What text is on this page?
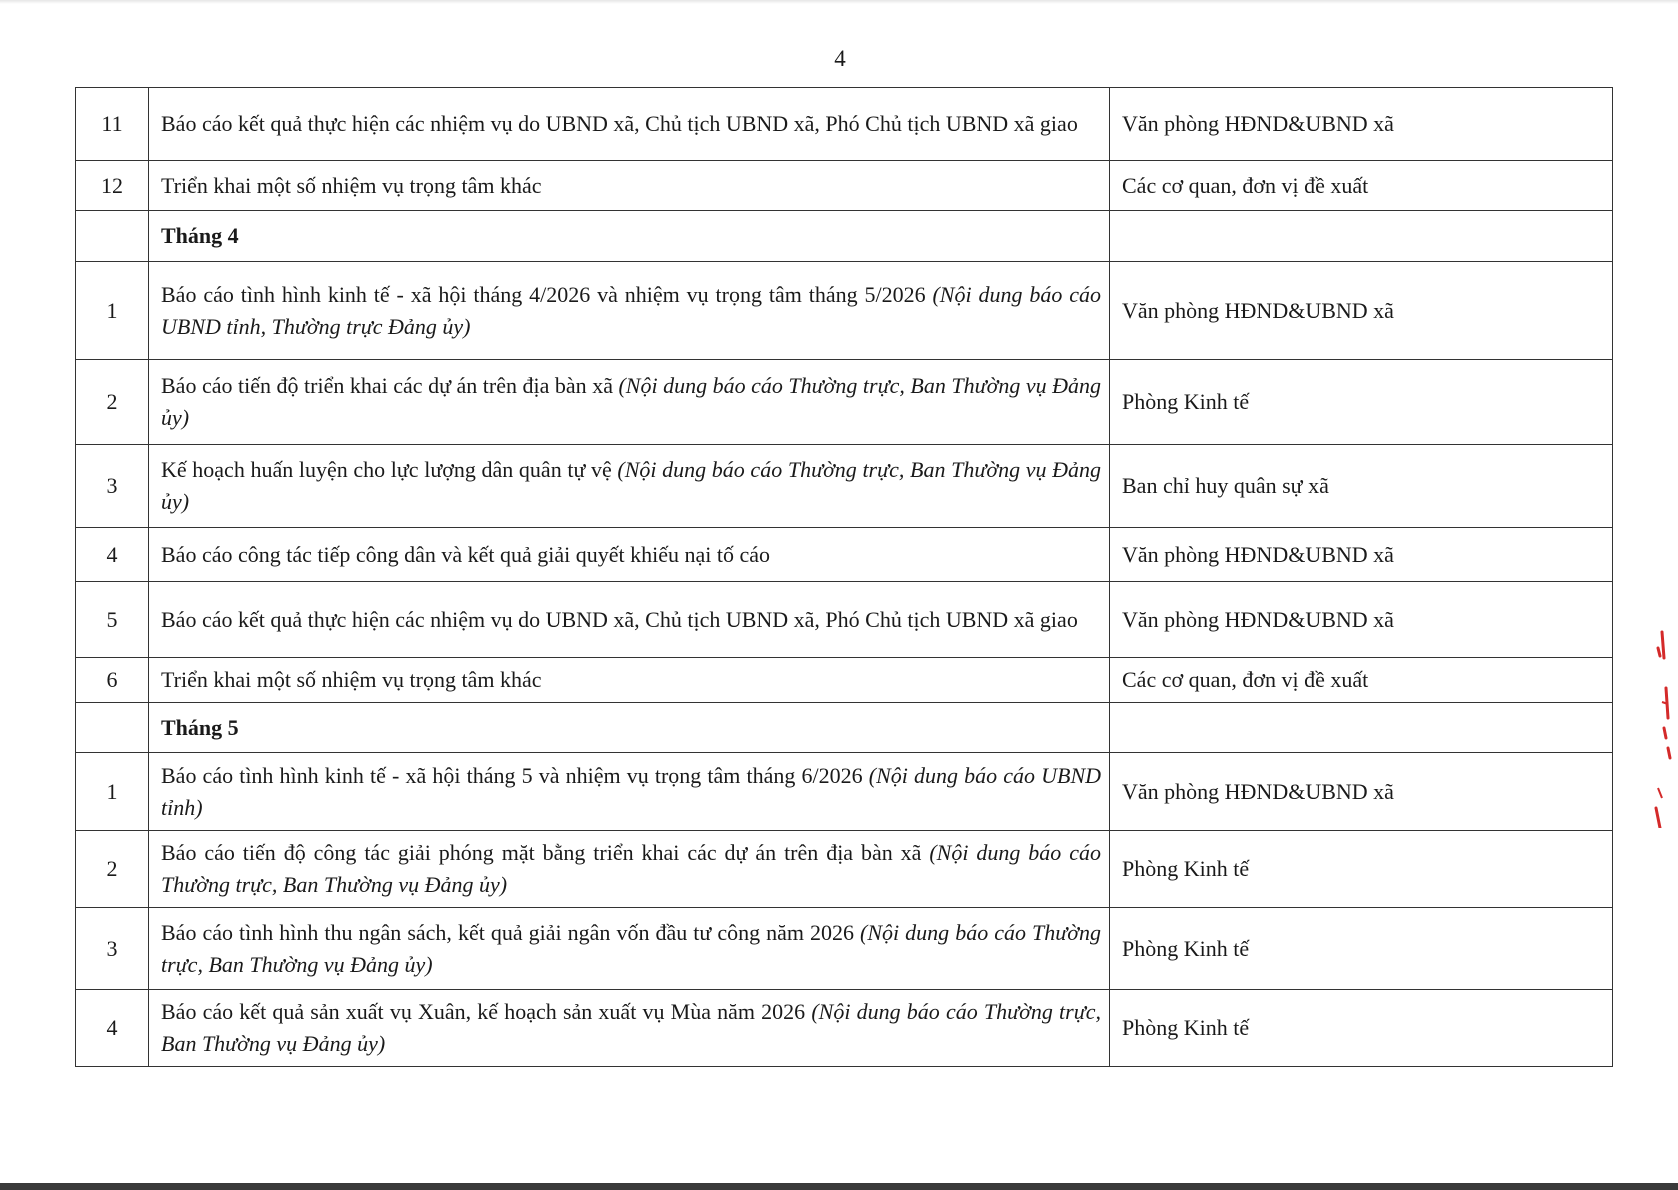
4
11	Báo cáo kết quả thực hiện các nhiệm vụ do UBND xã, Chủ tịch UBND xã, Phó Chủ tịch UBND xã giao	Văn phòng HĐND&UBND xã
12	Triển khai một số nhiệm vụ trọng tâm khác	Các cơ quan, đơn vị đề xuất
	Tháng 4	
1	Báo cáo tình hình kinh tế - xã hội tháng 4/2026 và nhiệm vụ trọng tâm tháng 5/2026 (Nội dung báo cáo UBND tỉnh, Thường trực Đảng ủy)	Văn phòng HĐND&UBND xã
2	Báo cáo tiến độ triển khai các dự án trên địa bàn xã (Nội dung báo cáo Thường trực, Ban Thường vụ Đảng ủy)	Phòng Kinh tế
3	Kế hoạch huấn luyện cho lực lượng dân quân tự vệ (Nội dung báo cáo Thường trực, Ban Thường vụ Đảng ủy)	Ban chỉ huy quân sự xã
4	Báo cáo công tác tiếp công dân và kết quả giải quyết khiếu nại tố cáo	Văn phòng HĐND&UBND xã
5	Báo cáo kết quả thực hiện các nhiệm vụ do UBND xã, Chủ tịch UBND xã, Phó Chủ tịch UBND xã giao	Văn phòng HĐND&UBND xã
6	Triển khai một số nhiệm vụ trọng tâm khác	Các cơ quan, đơn vị đề xuất
	Tháng 5	
1	Báo cáo tình hình kinh tế - xã hội tháng 5 và nhiệm vụ trọng tâm tháng 6/2026 (Nội dung báo cáo UBND tỉnh)	Văn phòng HĐND&UBND xã
2	Báo cáo tiến độ công tác giải phóng mặt bằng triển khai các dự án trên địa bàn xã (Nội dung báo cáo Thường trực, Ban Thường vụ Đảng ủy)	Phòng Kinh tế
3	Báo cáo tình hình thu ngân sách, kết quả giải ngân vốn đầu tư công năm 2026 (Nội dung báo cáo Thường trực, Ban Thường vụ Đảng ủy)	Phòng Kinh tế
4	Báo cáo kết quả sản xuất vụ Xuân, kế hoạch sản xuất vụ Mùa năm 2026 (Nội dung báo cáo Thường trực, Ban Thường vụ Đảng ủy)	Phòng Kinh tế
